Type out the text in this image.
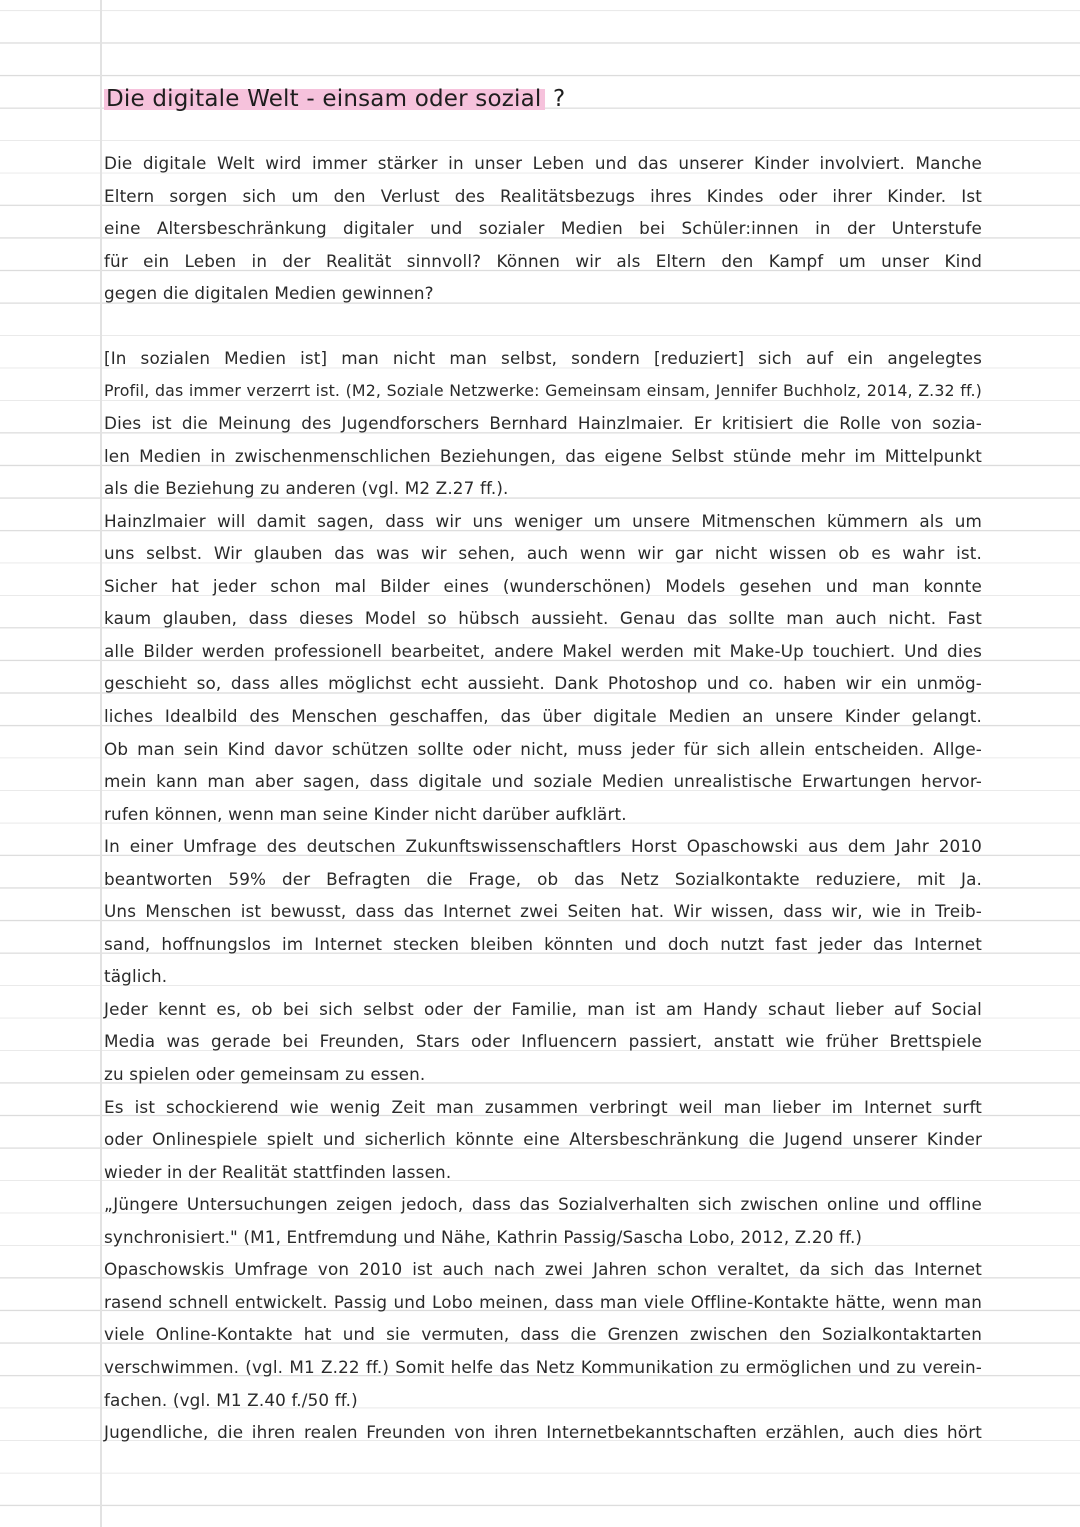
Die digitale Welt - einsam oder sozial ?
Die digitale Welt wird immer stärker in unser Leben und das unserer Kinder involviert. Manche
Eltern sorgen sich um den Verlust des Realitätsbezugs ihres Kindes oder ihrer Kinder. Ist
eine Altersbeschränkung digitaler und sozialer Medien bei Schüler:innen in der Unterstufe
für ein Leben in der Realität sinnvoll? Können wir als Eltern den Kampf um unser Kind
gegen die digitalen Medien gewinnen?
[In sozialen Medien ist] man nicht man selbst, sondern [reduziert] sich auf ein angelegtes
Profil, das immer verzerrt ist. (M2, Soziale Netzwerke: Gemeinsam einsam, Jennifer Buchholz, 2014, Z.32 ff.)
Dies ist die Meinung des Jugendforschers Bernhard Hainzlmaier. Er kritisiert die Rolle von sozia-
len Medien in zwischenmenschlichen Beziehungen, das eigene Selbst stünde mehr im Mittelpunkt
als die Beziehung zu anderen (vgl. M2 Z.27 ff.).
Hainzlmaier will damit sagen, dass wir uns weniger um unsere Mitmenschen kümmern als um
uns selbst. Wir glauben das was wir sehen, auch wenn wir gar nicht wissen ob es wahr ist.
Sicher hat jeder schon mal Bilder eines (wunderschönen) Models gesehen und man konnte
kaum glauben, dass dieses Model so hübsch aussieht. Genau das sollte man auch nicht. Fast
alle Bilder werden professionell bearbeitet, andere Makel werden mit Make-Up touchiert. Und dies
geschieht so, dass alles möglichst echt aussieht. Dank Photoshop und co. haben wir ein unmög-
liches Idealbild des Menschen geschaffen, das über digitale Medien an unsere Kinder gelangt.
Ob man sein Kind davor schützen sollte oder nicht, muss jeder für sich allein entscheiden. Allge-
mein kann man aber sagen, dass digitale und soziale Medien unrealistische Erwartungen hervor-
rufen können, wenn man seine Kinder nicht darüber aufklärt.
In einer Umfrage des deutschen Zukunftswissenschaftlers Horst Opaschowski aus dem Jahr 2010
beantworten 59% der Befragten die Frage, ob das Netz Sozialkontakte reduziere, mit Ja.
Uns Menschen ist bewusst, dass das Internet zwei Seiten hat. Wir wissen, dass wir, wie in Treib-
sand, hoffnungslos im Internet stecken bleiben könnten und doch nutzt fast jeder das Internet
täglich.
Jeder kennt es, ob bei sich selbst oder der Familie, man ist am Handy schaut lieber auf Social
Media was gerade bei Freunden, Stars oder Influencern passiert, anstatt wie früher Brettspiele
zu spielen oder gemeinsam zu essen.
Es ist schockierend wie wenig Zeit man zusammen verbringt weil man lieber im Internet surft
oder Onlinespiele spielt und sicherlich könnte eine Altersbeschränkung die Jugend unserer Kinder
wieder in der Realität stattfinden lassen.
„Jüngere Untersuchungen zeigen jedoch, dass das Sozialverhalten sich zwischen online und offline
synchronisiert." (M1, Entfremdung und Nähe, Kathrin Passig/Sascha Lobo, 2012, Z.20 ff.)
Opaschowskis Umfrage von 2010 ist auch nach zwei Jahren schon veraltet, da sich das Internet
rasend schnell entwickelt. Passig und Lobo meinen, dass man viele Offline-Kontakte hätte, wenn man
viele Online-Kontakte hat und sie vermuten, dass die Grenzen zwischen den Sozialkontaktarten
verschwimmen. (vgl. M1 Z.22 ff.) Somit helfe das Netz Kommunikation zu ermöglichen und zu verein-
fachen. (vgl. M1 Z.40 f./50 ff.)
Jugendliche, die ihren realen Freunden von ihren Internetbekanntschaften erzählen, auch dies hört
